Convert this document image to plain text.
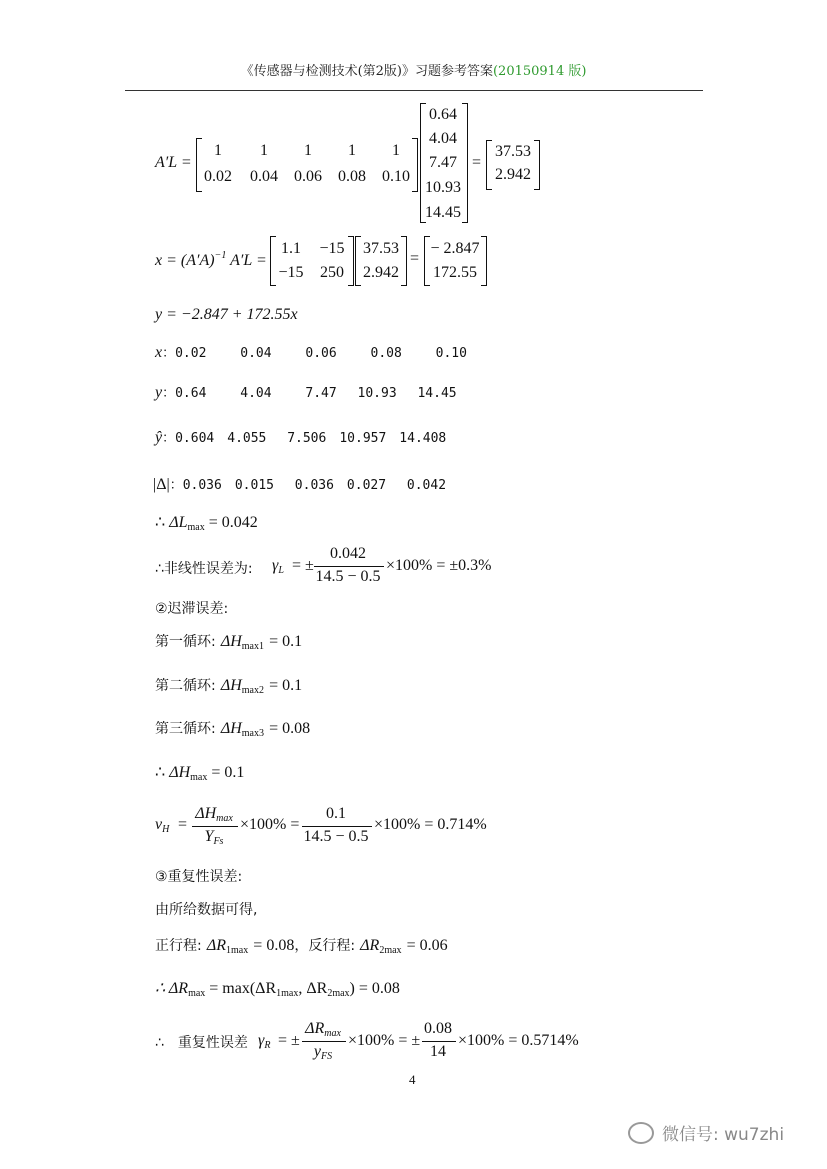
《传感器与检测技术(第2版)》习题参考答案(20150914 版)
A′L =
1	1	1	1	1
0.02	0.04	0.06	0.08	0.10
0.64
4.04
7.47
10.93
14.45
=
37.53
2.942
$x = (A'A)^{-1}$ A′L =
1.1	−15
−15	250
37.53
2.942
=
− 2.847
172.55
y = −2.847 + 172.55x
x：0.02　　 0.04　　 0.06　　 0.08　　 0.10
y：0.64　　 4.04　　 7.47　 10.93　 14.45
ŷ：0.604　4.055　 7.506　10.957　14.408
|Δ|：0.036　0.015　 0.036　0.027　 0.042
∴ $\Delta L_{max} = 0.042$
∴非线性误差为: $\gamma_L$ = ±
0.042
14.5 − 0.5
×100% = ±0.3%
②迟滞误差:
第一循环: $\Delta H_{max1} = 0.1$
第二循环: $\Delta H_{max2} = 0.1$
第三循环: $\Delta H_{max3} = 0.08$
∴ $\Delta H_{max} = 0.1$
$\nu_H$ =
$\Delta H_{max}$
$Y_{Fs}$
×100% =
0.1
14.5 − 0.5
×100% = 0.714%
③重复性误差:
由所给数据可得,
正行程: $\Delta R_{1max} = 0.08$，反行程: $\Delta R_{2max} = 0.06$
∴ $\Delta R_{max} = \max(\Delta R_{1max}$, $\Delta R_{2max}) = 0.08$
∴　重复性误差 $\gamma_R$ = ±
$\Delta R_{max}$
$y_{FS}$
×100% = ±
0.08
14
×100% = 0.5714%
4
微信号: wu7zhi
